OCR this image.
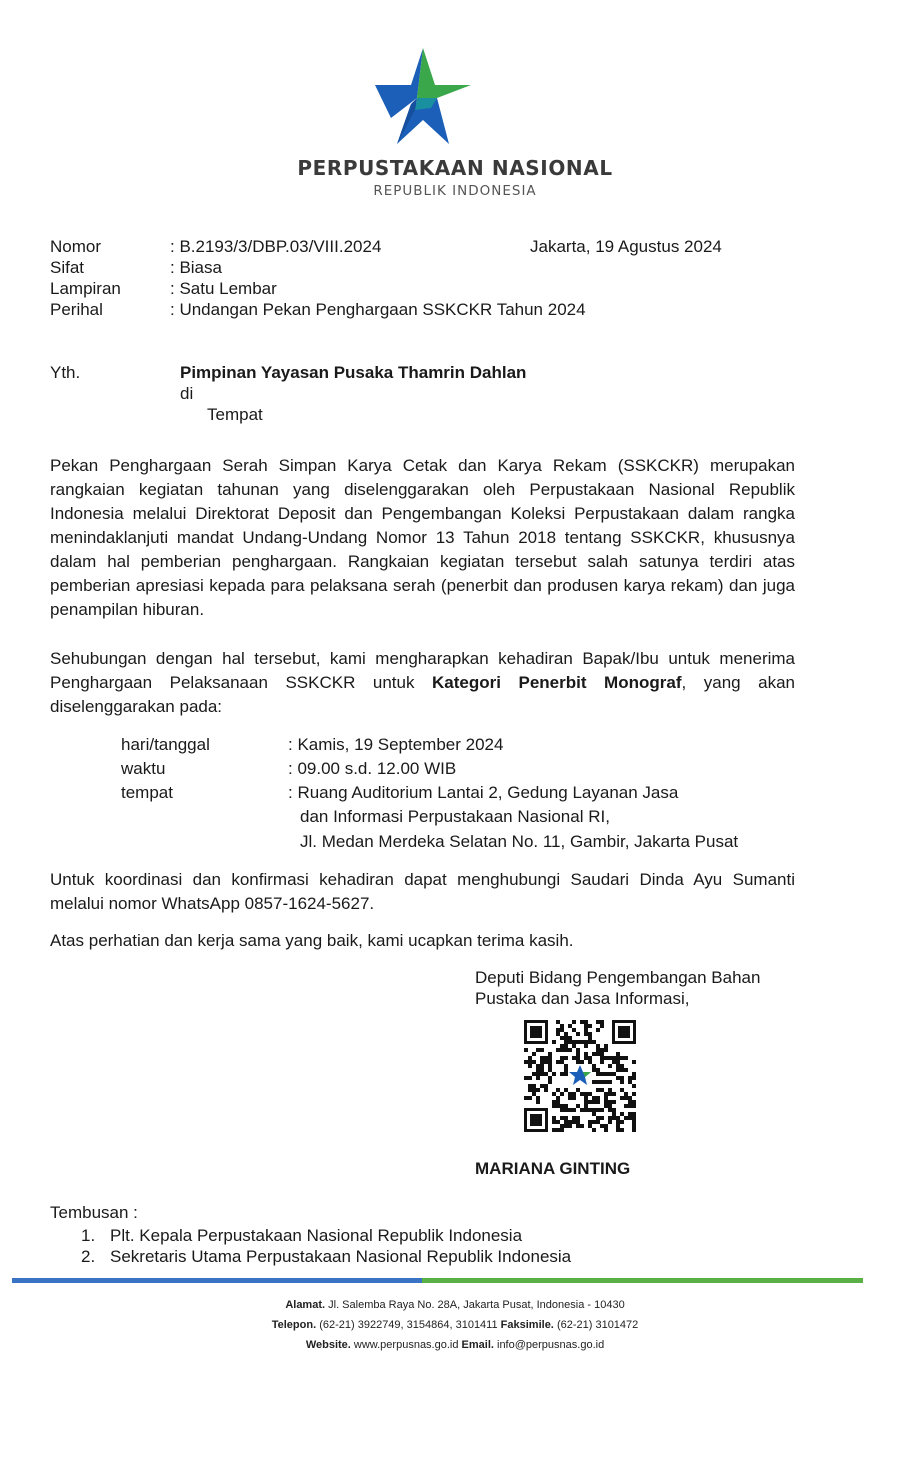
PERPUSTAKAAN NASIONAL
REPUBLIK INDONESIA
Nomor	: B.2193/3/DBP.03/VIII.2024	Jakarta, 19 Agustus 2024
Sifat	: Biasa
Lampiran	: Satu Lembar
Perihal	: Undangan Pekan Penghargaan SSKCKR Tahun 2024
Yth.	Pimpinan Yayasan Pusaka Thamrin Dahlan
di
Tempat
Pekan Penghargaan Serah Simpan Karya Cetak dan Karya Rekam (SSKCKR) merupakan rangkaian kegiatan tahunan yang diselenggarakan oleh Perpustakaan Nasional Republik Indonesia melalui Direktorat Deposit dan Pengembangan Koleksi Perpustakaan dalam rangka menindaklanjuti mandat Undang-Undang Nomor 13 Tahun 2018 tentang SSKCKR, khususnya dalam hal pemberian penghargaan. Rangkaian kegiatan tersebut salah satunya terdiri atas pemberian apresiasi kepada para pelaksana serah (penerbit dan produsen karya rekam) dan juga penampilan hiburan.
Sehubungan dengan hal tersebut, kami mengharapkan kehadiran Bapak/Ibu untuk menerima Penghargaan Pelaksanaan SSKCKR untuk Kategori Penerbit Monograf, yang akan diselenggarakan pada:
hari/tanggal	: Kamis, 19 September 2024
waktu	: 09.00 s.d. 12.00 WIB
tempat	: Ruang Auditorium Lantai 2, Gedung Layanan Jasa
dan Informasi Perpustakaan Nasional RI,
Jl. Medan Merdeka Selatan No. 11, Gambir, Jakarta Pusat
Untuk koordinasi dan konfirmasi kehadiran dapat menghubungi Saudari Dinda Ayu Sumanti melalui nomor WhatsApp 0857-1624-5627.
Atas perhatian dan kerja sama yang baik, kami ucapkan terima kasih.
Deputi Bidang Pengembangan Bahan
Pustaka dan Jasa Informasi,
MARIANA GINTING
Tembusan :
1. Plt. Kepala Perpustakaan Nasional Republik Indonesia
2. Sekretaris Utama Perpustakaan Nasional Republik Indonesia
Alamat. Jl. Salemba Raya No. 28A, Jakarta Pusat, Indonesia - 10430
Telepon. (62-21) 3922749, 3154864, 3101411 Faksimile. (62-21) 3101472
Website. www.perpusnas.go.id Email. info@perpusnas.go.id
